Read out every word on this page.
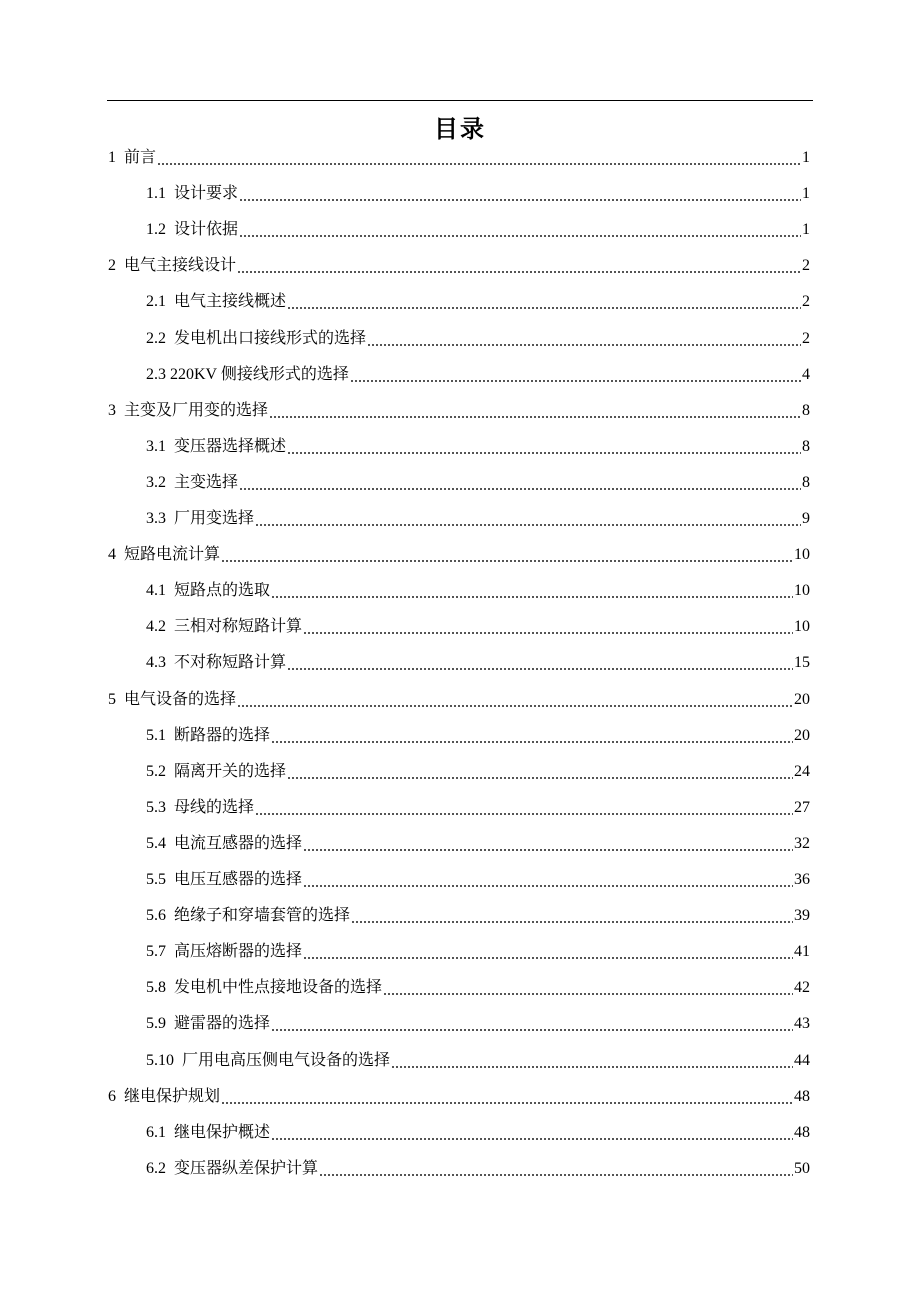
目录
1 前言	1
1.1 设计要求	1
1.2 设计依据	1
2 电气主接线设计	2
2.1 电气主接线概述	2
2.2 发电机出口接线形式的选择	2
2.3 220KV 侧接线形式的选择	4
3 主变及厂用变的选择	8
3.1 变压器选择概述	8
3.2 主变选择	8
3.3 厂用变选择	9
4 短路电流计算	10
4.1 短路点的选取	10
4.2 三相对称短路计算	10
4.3 不对称短路计算	15
5 电气设备的选择	20
5.1 断路器的选择	20
5.2 隔离开关的选择	24
5.3 母线的选择	27
5.4 电流互感器的选择	32
5.5 电压互感器的选择	36
5.6 绝缘子和穿墙套管的选择	39
5.7 高压熔断器的选择	41
5.8 发电机中性点接地设备的选择	42
5.9 避雷器的选择	43
5.10 厂用电高压侧电气设备的选择	44
6 继电保护规划	48
6.1 继电保护概述	48
6.2 变压器纵差保护计算	50
